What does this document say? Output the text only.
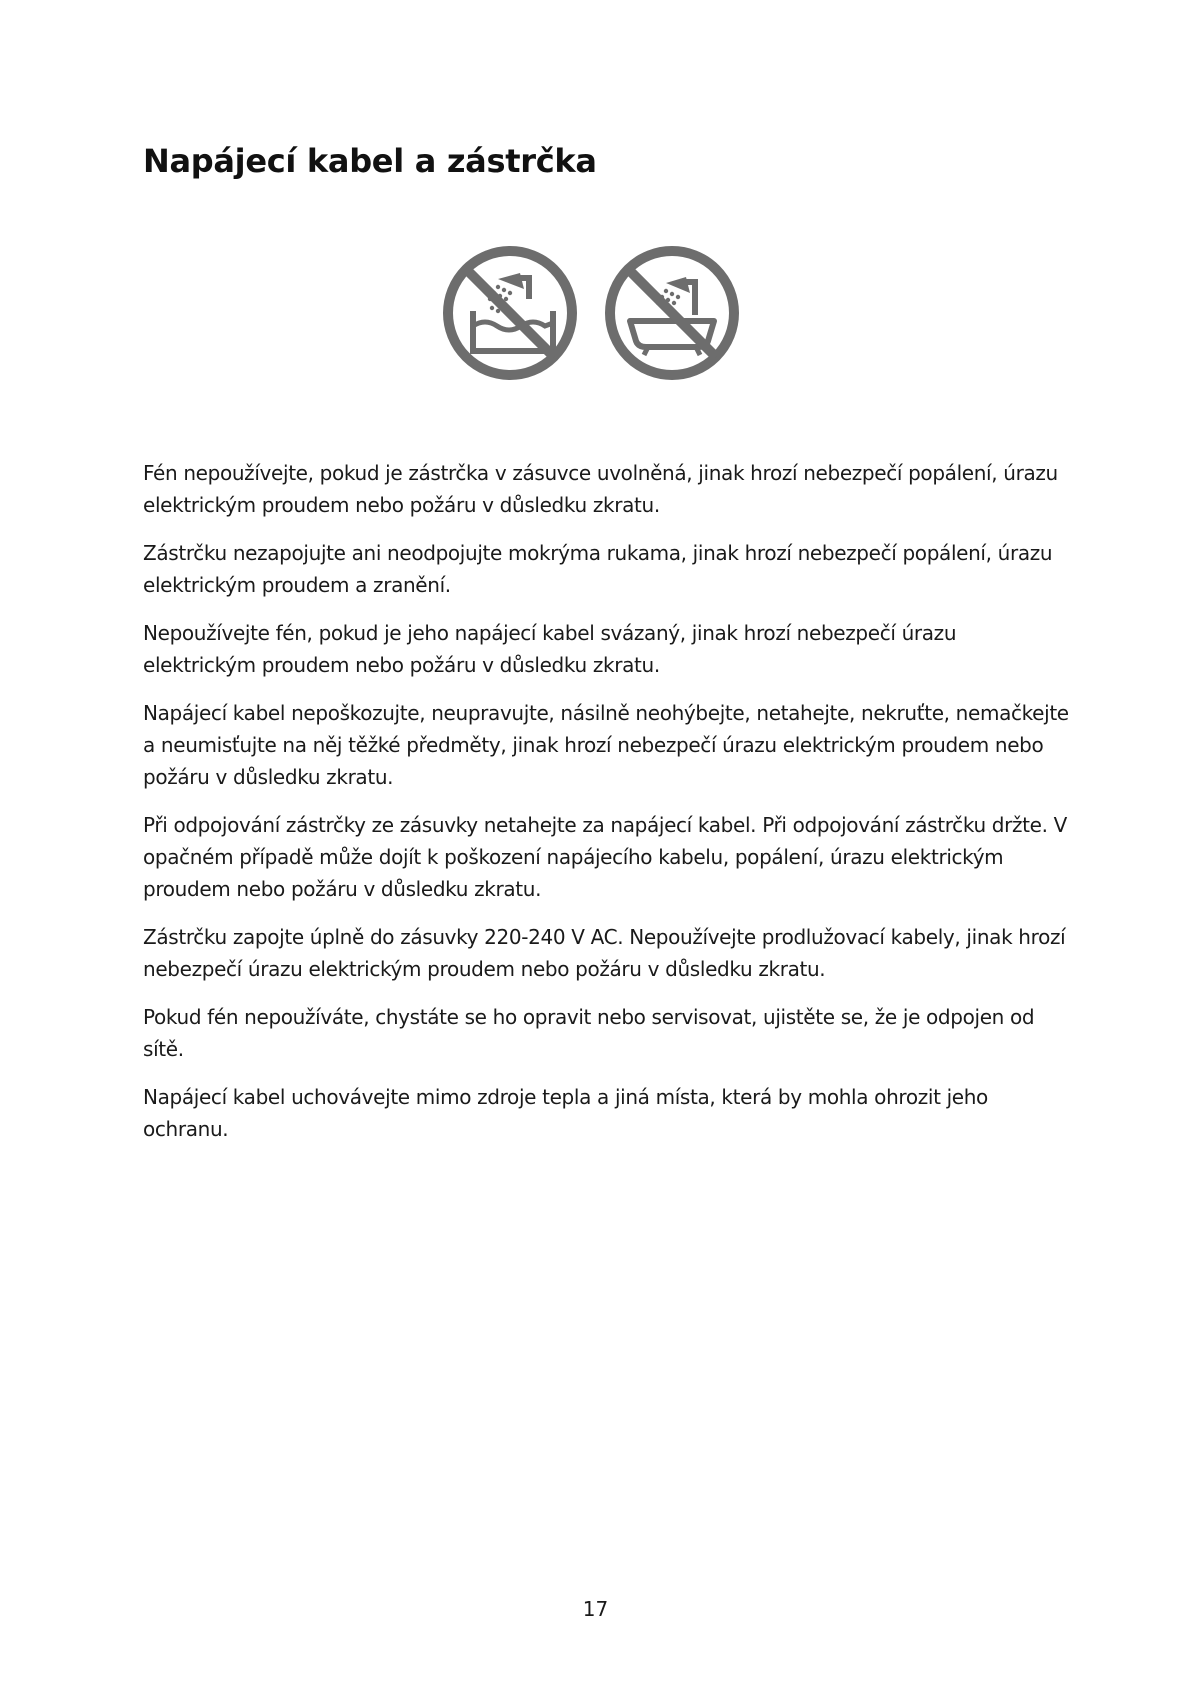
Napájecí kabel a zástrčka

Fén nepoužívejte, pokud je zástrčka v zásuvce uvolněná, jinak hrozí nebezpečí popálení, úrazu elektrickým proudem nebo požáru v důsledku zkratu.

Zástrčku nezapojujte ani neodpojujte mokrýma rukama, jinak hrozí nebezpečí popálení, úrazu elektrickým proudem a zranění.

Nepoužívejte fén, pokud je jeho napájecí kabel svázaný, jinak hrozí nebezpečí úrazu elektrickým proudem nebo požáru v důsledku zkratu.

Napájecí kabel nepoškozujte, neupravujte, násilně neohýbejte, netahejte, nekruťte, nemačkejte a neumisťujte na něj těžké předměty, jinak hrozí nebezpečí úrazu elektrickým proudem nebo požáru v důsledku zkratu.

Při odpojování zástrčky ze zásuvky netahejte za napájecí kabel. Při odpojování zástrčku držte. V opačném případě může dojít k poškození napájecího kabelu, popálení, úrazu elektrickým proudem nebo požáru v důsledku zkratu.

Zástrčku zapojte úplně do zásuvky 220-240 V AC. Nepoužívejte prodlužovací kabely, jinak hrozí nebezpečí úrazu elektrickým proudem nebo požáru v důsledku zkratu.

Pokud fén nepoužíváte, chystáte se ho opravit nebo servisovat, ujistěte se, že je odpojen od sítě.

Napájecí kabel uchovávejte mimo zdroje tepla a jiná místa, která by mohla ohrozit jeho ochranu.

17
